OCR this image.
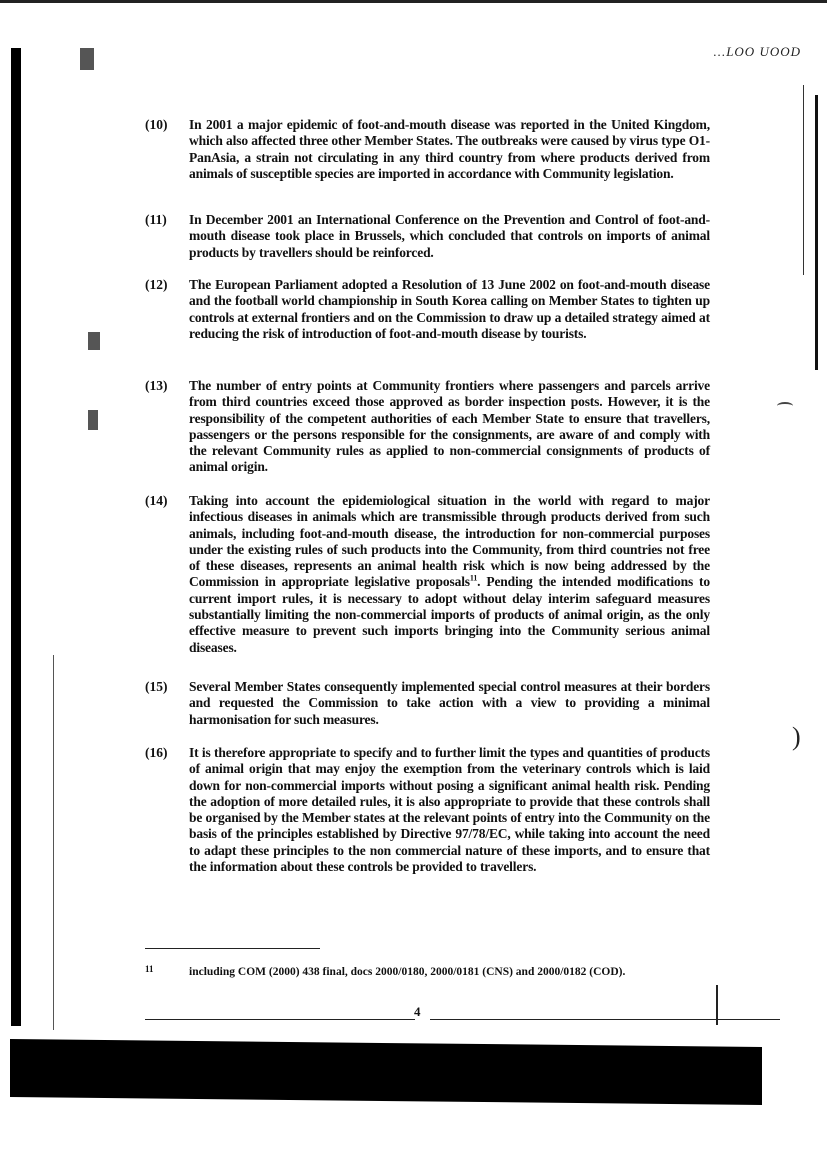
...LOO UOOD
)
(10)	In 2001 a major epidemic of foot-and-mouth disease was reported in the United Kingdom, which also affected three other Member States. The outbreaks were caused by virus type O1-PanAsia, a strain not circulating in any third country from where products derived from animals of susceptible species are imported in accordance with Community legislation.
(11)	In December 2001 an International Conference on the Prevention and Control of foot-and-mouth disease took place in Brussels, which concluded that controls on imports of animal products by travellers should be reinforced.
(12)	The European Parliament adopted a Resolution of 13 June 2002 on foot-and-mouth disease and the football world championship in South Korea calling on Member States to tighten up controls at external frontiers and on the Commission to draw up a detailed strategy aimed at reducing the risk of introduction of foot-and-mouth disease by tourists.
(13)	The number of entry points at Community frontiers where passengers and parcels arrive from third countries exceed those approved as border inspection posts. However, it is the responsibility of the competent authorities of each Member State to ensure that travellers, passengers or the persons responsible for the consignments, are aware of and comply with the relevant Community rules as applied to non-commercial consignments of products of animal origin.
(14)	Taking into account the epidemiological situation in the world with regard to major infectious diseases in animals which are transmissible through products derived from such animals, including foot-and-mouth disease, the introduction for non-commercial purposes under the existing rules of such products into the Community, from third countries not free of these diseases, represents an animal health risk which is now being addressed by the Commission in appropriate legislative proposals$^{11}$. Pending the intended modifications to current import rules, it is necessary to adopt without delay interim safeguard measures substantially limiting the non-commercial imports of products of animal origin, as the only effective measure to prevent such imports bringing into the Community serious animal diseases.
(15)	Several Member States consequently implemented special control measures at their borders and requested the Commission to take action with a view to providing a minimal harmonisation for such measures.
(16)	It is therefore appropriate to specify and to further limit the types and quantities of products of animal origin that may enjoy the exemption from the veterinary controls which is laid down for non-commercial imports without posing a significant animal health risk. Pending the adoption of more detailed rules, it is also appropriate to provide that these controls shall be organised by the Member states at the relevant points of entry into the Community on the basis of the principles established by Directive 97/78/EC, while taking into account the need to adapt these principles to the non commercial nature of these imports, and to ensure that the information about these controls be provided to travellers.
11	including COM (2000) 438 final, docs 2000/0180, 2000/0181 (CNS) and 2000/0182 (COD).
4
